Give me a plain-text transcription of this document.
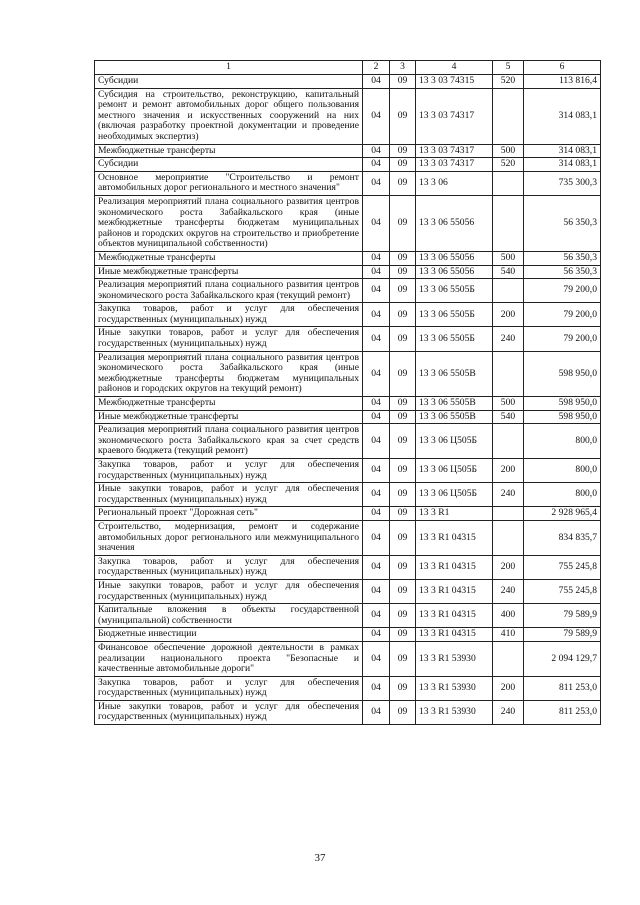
1	2	3	4	5	6
Субсидии	04	09	13 3 03 74315	520	113 816,4
Субсидия на строительство, реконструкцию, капитальный ремонт и ремонт автомобильных дорог общего пользования местного значения и искусственных сооружений на них (включая разработку проектной документации и проведение необходимых экспертиз)	04	09	13 3 03 74317		314 083,1
Межбюджетные трансферты	04	09	13 3 03 74317	500	314 083,1
Субсидии	04	09	13 3 03 74317	520	314 083,1
Основное мероприятие "Строительство и ремонт автомобильных дорог регионального и местного значения"	04	09	13 3 06		735 300,3
Реализация мероприятий плана социального развития центров экономического роста Забайкальского края (иные межбюджетные трансферты бюджетам муниципальных районов и городских округов на строительство и приобретение объектов муниципальной собственности)	04	09	13 3 06 55056		56 350,3
Межбюджетные трансферты	04	09	13 3 06 55056	500	56 350,3
Иные межбюджетные трансферты	04	09	13 3 06 55056	540	56 350,3
Реализация мероприятий плана социального развития центров экономического роста Забайкальского края (текущий ремонт)	04	09	13 3 06 5505Б		79 200,0
Закупка товаров, работ и услуг для обеспечения государственных (муниципальных) нужд	04	09	13 3 06 5505Б	200	79 200,0
Иные закупки товаров, работ и услуг для обеспечения государственных (муниципальных) нужд	04	09	13 3 06 5505Б	240	79 200,0
Реализация мероприятий плана социального развития центров экономического роста Забайкальского края (иные межбюджетные трансферты бюджетам муниципальных районов и городских округов на текущий ремонт)	04	09	13 3 06 5505В		598 950,0
Межбюджетные трансферты	04	09	13 3 06 5505В	500	598 950,0
Иные межбюджетные трансферты	04	09	13 3 06 5505В	540	598 950,0
Реализация мероприятий плана социального развития центров экономического роста Забайкальского края за счет средств краевого бюджета (текущий ремонт)	04	09	13 3 06 Ц505Б		800,0
Закупка товаров, работ и услуг для обеспечения государственных (муниципальных) нужд	04	09	13 3 06 Ц505Б	200	800,0
Иные закупки товаров, работ и услуг для обеспечения государственных (муниципальных) нужд	04	09	13 3 06 Ц505Б	240	800,0
Региональный проект "Дорожная сеть"	04	09	13 3 R1		2 928 965,4
Строительство, модернизация, ремонт и содержание автомобильных дорог регионального или межмуниципального значения	04	09	13 3 R1 04315		834 835,7
Закупка товаров, работ и услуг для обеспечения государственных (муниципальных) нужд	04	09	13 3 R1 04315	200	755 245,8
Иные закупки товаров, работ и услуг для обеспечения государственных (муниципальных) нужд	04	09	13 3 R1 04315	240	755 245,8
Капитальные вложения в объекты государственной (муниципальной) собственности	04	09	13 3 R1 04315	400	79 589,9
Бюджетные инвестиции	04	09	13 3 R1 04315	410	79 589,9
Финансовое обеспечение дорожной деятельности в рамках реализации национального проекта "Безопасные и качественные автомобильные дороги"	04	09	13 3 R1 53930		2 094 129,7
Закупка товаров, работ и услуг для обеспечения государственных (муниципальных) нужд	04	09	13 3 R1 53930	200	811 253,0
Иные закупки товаров, работ и услуг для обеспечения государственных (муниципальных) нужд	04	09	13 3 R1 53930	240	811 253,0
37
